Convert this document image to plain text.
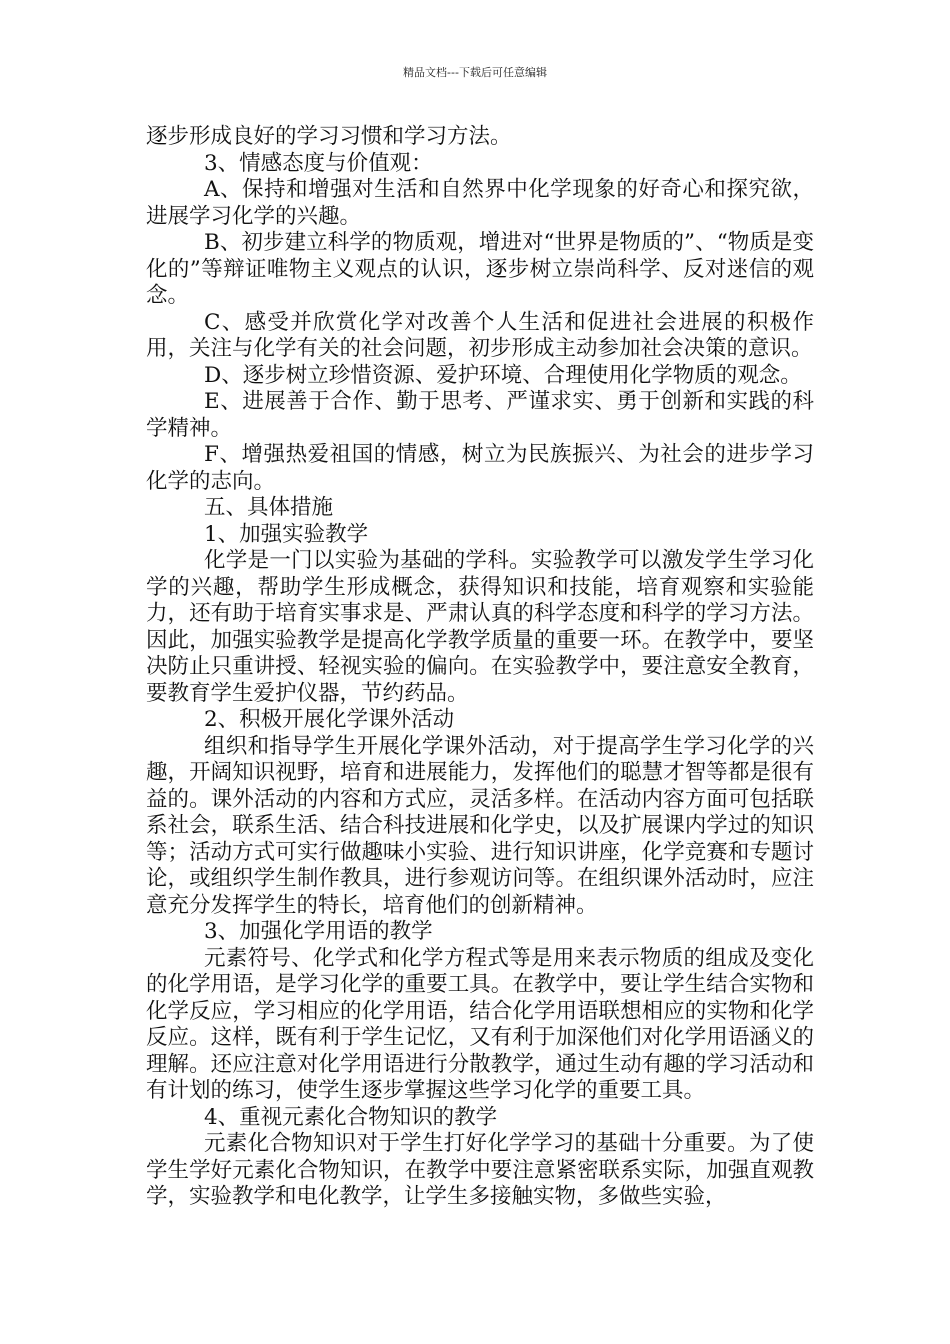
精品文档---下载后可任意编辑

逐步形成良好的学习习惯和学习方法。

3、情感态度与价值观：

A、保持和增强对生活和自然界中化学现象的好奇心和探究欲，进展学习化学的兴趣。

B、初步建立科学的物质观，增进对“世界是物质的”、“物质是变化的”等辩证唯物主义观点的认识，逐步树立崇尚科学、反对迷信的观念。

C、感受并欣赏化学对改善个人生活和促进社会进展的积极作用，关注与化学有关的社会问题，初步形成主动参加社会决策的意识。

D、逐步树立珍惜资源、爱护环境、合理使用化学物质的观念。

E、进展善于合作、勤于思考、严谨求实、勇于创新和实践的科学精神。

F、增强热爱祖国的情感，树立为民族振兴、为社会的进步学习化学的志向。

五、具体措施

1、加强实验教学

化学是一门以实验为基础的学科。实验教学可以激发学生学习化学的兴趣，帮助学生形成概念，获得知识和技能，培育观察和实验能力，还有助于培育实事求是、严肃认真的科学态度和科学的学习方法。因此，加强实验教学是提高化学教学质量的重要一环。在教学中，要坚决防止只重讲授、轻视实验的偏向。在实验教学中，要注意安全教育，要教育学生爱护仪器，节约药品。

2、积极开展化学课外活动

组织和指导学生开展化学课外活动，对于提高学生学习化学的兴趣，开阔知识视野，培育和进展能力，发挥他们的聪慧才智等都是很有益的。课外活动的内容和方式应，灵活多样。在活动内容方面可包括联系社会，联系生活、结合科技进展和化学史，以及扩展课内学过的知识等；活动方式可实行做趣味小实验、进行知识讲座，化学竞赛和专题讨论，或组织学生制作教具，进行参观访问等。在组织课外活动时，应注意充分发挥学生的特长，培育他们的创新精神。

3、加强化学用语的教学

元素符号、化学式和化学方程式等是用来表示物质的组成及变化的化学用语，是学习化学的重要工具。在教学中，要让学生结合实物和化学反应，学习相应的化学用语，结合化学用语联想相应的实物和化学反应。这样，既有利于学生记忆，又有利于加深他们对化学用语涵义的理解。还应注意对化学用语进行分散教学，通过生动有趣的学习活动和有计划的练习，使学生逐步掌握这些学习化学的重要工具。

4、重视元素化合物知识的教学

元素化合物知识对于学生打好化学学习的基础十分重要。为了使学生学好元素化合物知识，在教学中要注意紧密联系实际，加强直观教学，实验教学和电化教学，让学生多接触实物，多做些实验，
